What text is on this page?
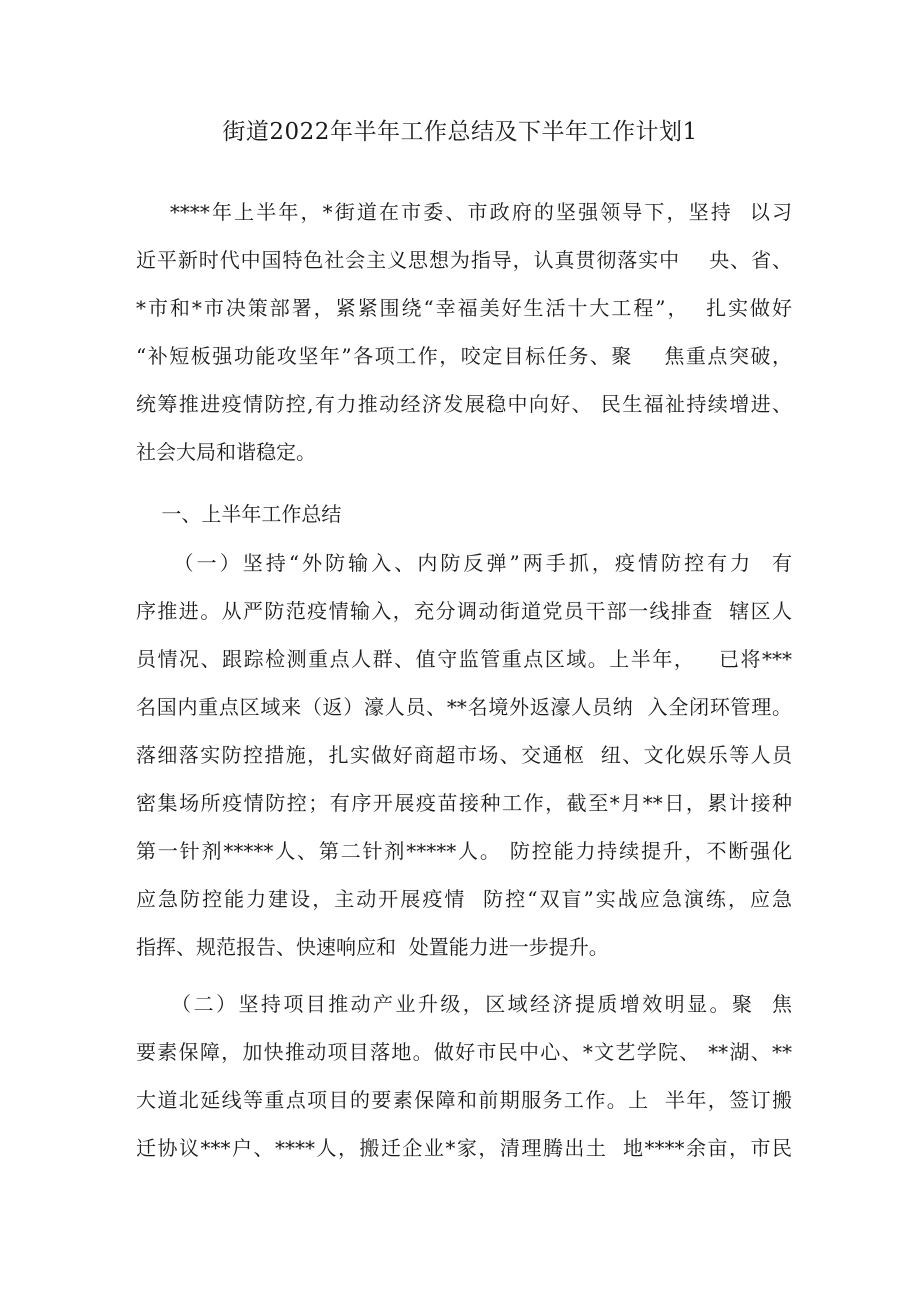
街道2022年半年工作总结及下半年工作计划1
****年上半年，*街道在市委、市政府的坚强领导下，坚持  以习
近平新时代中国特色社会主义思想为指导，认真贯彻落实中    央、省、
*市和*市决策部署，紧紧围绕“幸福美好生活十大工程”，  扎实做好
“补短板强功能攻坚年”各项工作，咬定目标任务、聚    焦重点突破，
统筹推进疫情防控,有力推动经济发展稳中向好、 民生福祉持续增进、
社会大局和谐稳定。
一、上半年工作总结
（一）坚持“外防输入、内防反弹”两手抓，疫情防控有力  有
序推进。从严防范疫情输入，充分调动街道党员干部一线排查  辖区人
员情况、跟踪检测重点人群、值守监管重点区域。上半年，   已将***
名国内重点区域来（返）濠人员、**名境外返濠人员纳  入全闭环管理。
落细落实防控措施，扎实做好商超市场、交通枢  纽、文化娱乐等人员
密集场所疫情防控；有序开展疫苗接种工作，截至*月**日，累计接种
第一针剂*****人、第二针剂*****人。 防控能力持续提升，不断强化
应急防控能力建设，主动开展疫情  防控“双盲”实战应急演练，应急
指挥、规范报告、快速响应和  处置能力进一步提升。
（二）坚持项目推动产业升级，区域经济提质增效明显。聚  焦
要素保障，加快推动项目落地。做好市民中心、*文艺学院、 **湖、**
大道北延线等重点项目的要素保障和前期服务工作。上  半年，签订搬
迁协议***户、****人，搬迁企业*家，清理腾出土  地****余亩，市民
